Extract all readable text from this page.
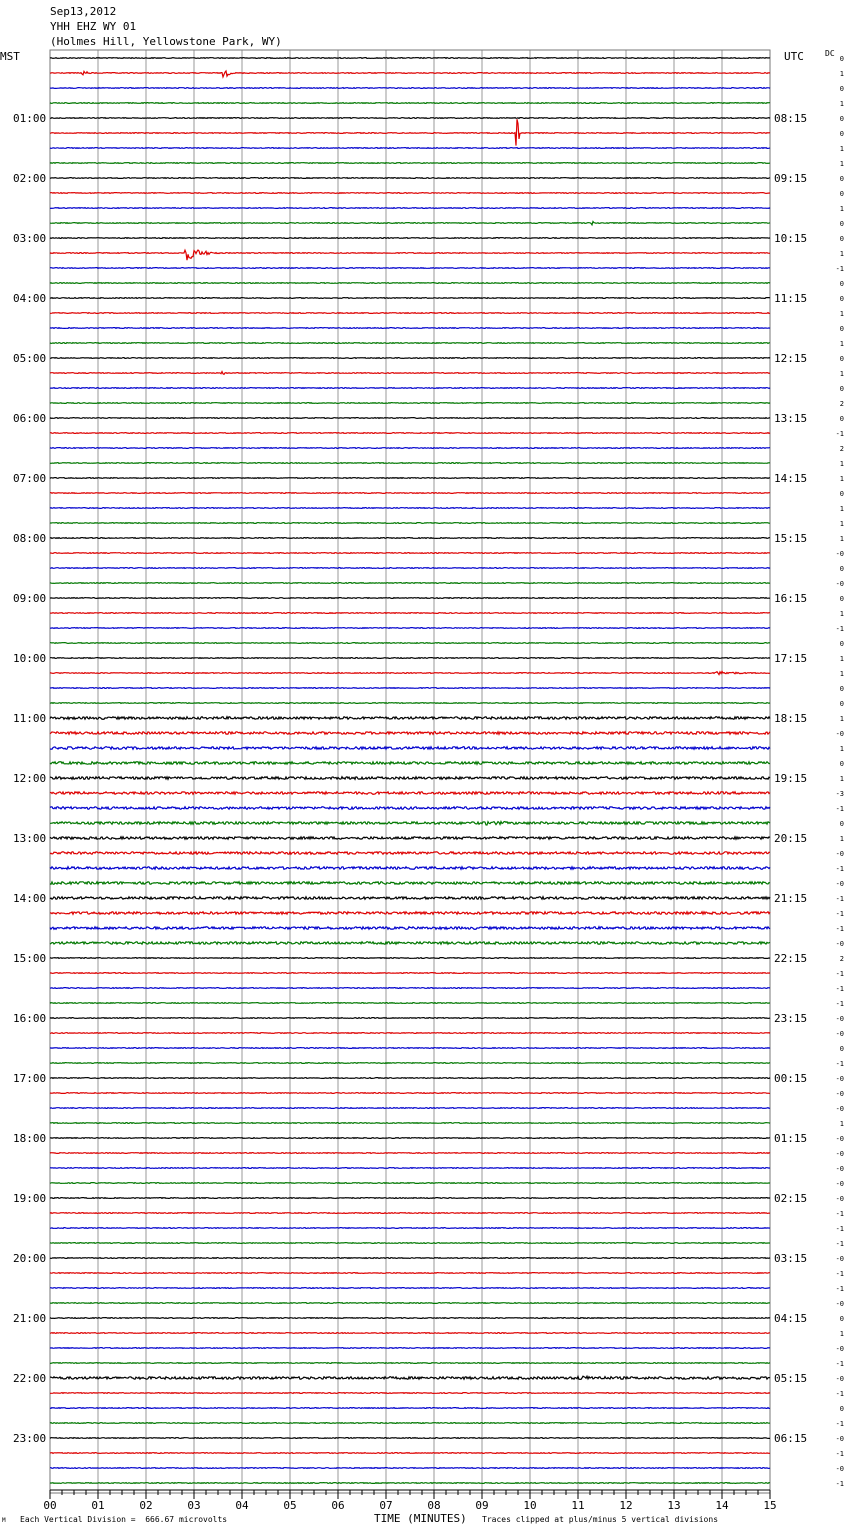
Sep13,2012
YHH EHZ WY 01
(Holmes Hill, Yellowstone Park, WY)
MST	UTC	DC
00	01	02	03	04	05	06	07	08	09	10	11	12	13	14	15
0
1
0
1
0
0
1
1
0
0
1
0
0
1
-1
0
0
1
0
1
0
1
0
2
0
-1
2
1
1
0
1
1
1
-0
0
-0
0
1
-1
0
1
1
0
0
1
-0
1
0
1
-3
-1
0
1
-0
-1
-0
-1
-1
-1
-0
2
-1
-1
-1
-0
-0
0
-1
-0
-0
-0
1
-0
-0
-0
-0
-0
-1
-1
-1
-0
-1
-1
-0
0
1
-0
-1
-0
-1
0
-1
-0
-1
-0
-1
01:00
02:00
03:00
04:00
05:00
06:00
07:00
08:00
09:00
10:00
11:00
12:00
13:00
14:00
15:00
16:00
17:00
18:00
19:00
20:00
21:00
22:00
23:00
08:15
09:15
10:15
11:15
12:15
13:15
14:15
15:15
16:15
17:15
18:15
19:15
20:15
21:15
22:15
23:15
00:15
01:15
02:15
03:15
04:15
05:15
06:15
M Each Vertical Division =  666.67 microvolts	TIME (MINUTES) Traces clipped at plus/minus 5 vertical divisions
